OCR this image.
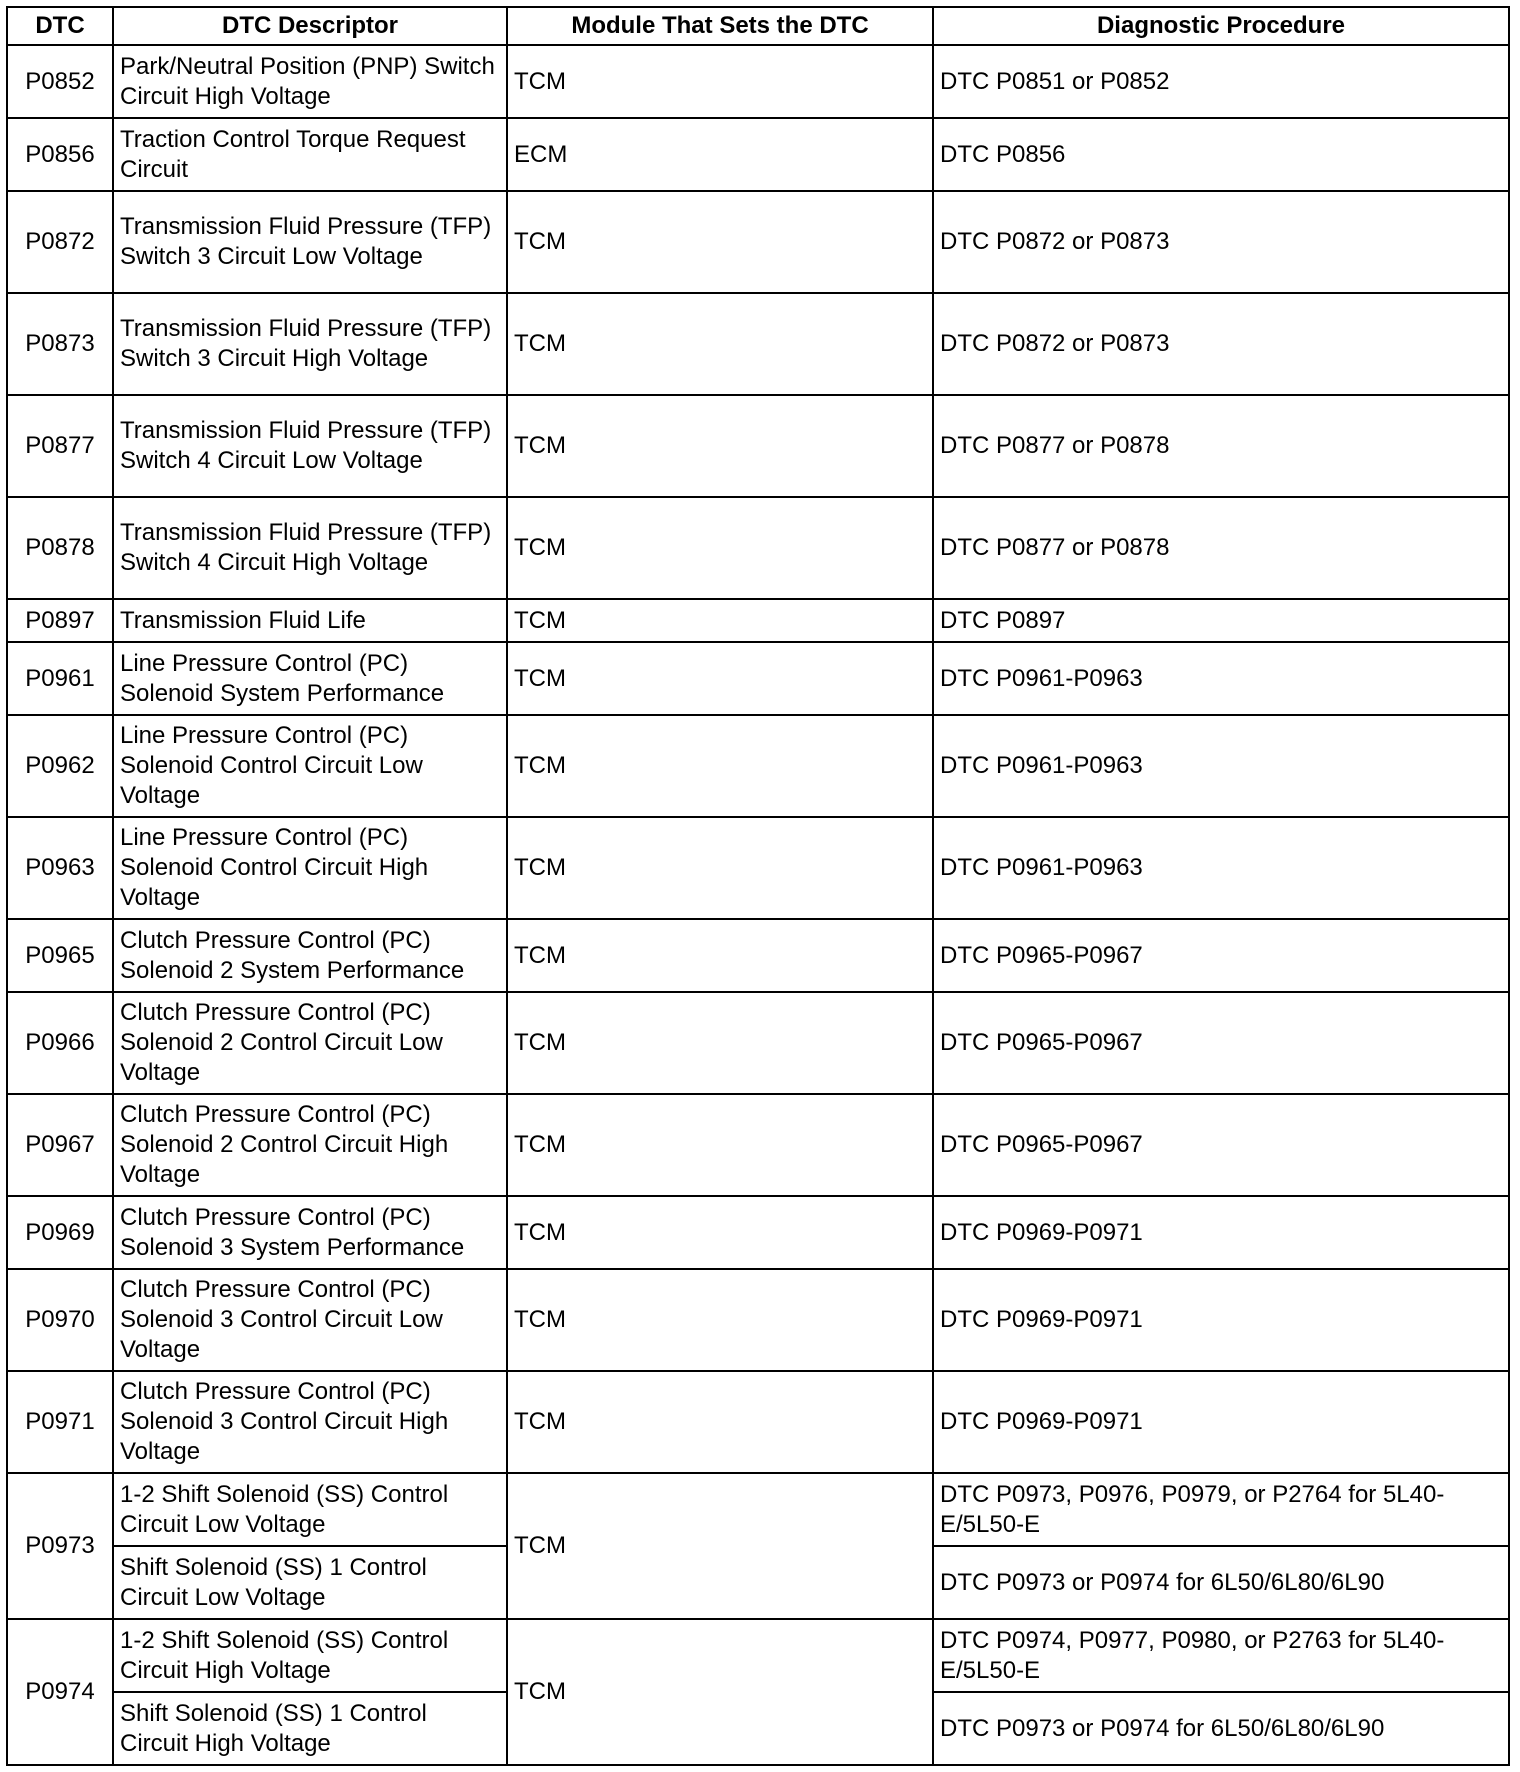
DTC	DTC Descriptor	Module That Sets the DTC	Diagnostic Procedure
P0852	Park/Neutral Position (PNP) Switch Circuit High Voltage	TCM	DTC P0851 or P0852
P0856	Traction Control Torque Request Circuit	ECM	DTC P0856
P0872	Transmission Fluid Pressure (TFP) Switch 3 Circuit Low Voltage	TCM	DTC P0872 or P0873
P0873	Transmission Fluid Pressure (TFP) Switch 3 Circuit High Voltage	TCM	DTC P0872 or P0873
P0877	Transmission Fluid Pressure (TFP) Switch 4 Circuit Low Voltage	TCM	DTC P0877 or P0878
P0878	Transmission Fluid Pressure (TFP) Switch 4 Circuit High Voltage	TCM	DTC P0877 or P0878
P0897	Transmission Fluid Life	TCM	DTC P0897
P0961	Line Pressure Control (PC) Solenoid System Performance	TCM	DTC P0961-P0963
P0962	Line Pressure Control (PC) Solenoid Control Circuit Low Voltage	TCM	DTC P0961-P0963
P0963	Line Pressure Control (PC) Solenoid Control Circuit High Voltage	TCM	DTC P0961-P0963
P0965	Clutch Pressure Control (PC) Solenoid 2 System Performance	TCM	DTC P0965-P0967
P0966	Clutch Pressure Control (PC) Solenoid 2 Control Circuit Low Voltage	TCM	DTC P0965-P0967
P0967	Clutch Pressure Control (PC) Solenoid 2 Control Circuit High Voltage	TCM	DTC P0965-P0967
P0969	Clutch Pressure Control (PC) Solenoid 3 System Performance	TCM	DTC P0969-P0971
P0970	Clutch Pressure Control (PC) Solenoid 3 Control Circuit Low Voltage	TCM	DTC P0969-P0971
P0971	Clutch Pressure Control (PC) Solenoid 3 Control Circuit High Voltage	TCM	DTC P0969-P0971
P0973	1-2 Shift Solenoid (SS) Control Circuit Low Voltage	TCM	DTC P0973, P0976, P0979, or P2764 for 5L40-E/5L50-E
	Shift Solenoid (SS) 1 Control Circuit Low Voltage		DTC P0973 or P0974 for 6L50/6L80/6L90
P0974	1-2 Shift Solenoid (SS) Control Circuit High Voltage	TCM	DTC P0974, P0977, P0980, or P2763 for 5L40-E/5L50-E
	Shift Solenoid (SS) 1 Control Circuit High Voltage		DTC P0973 or P0974 for 6L50/6L80/6L90
